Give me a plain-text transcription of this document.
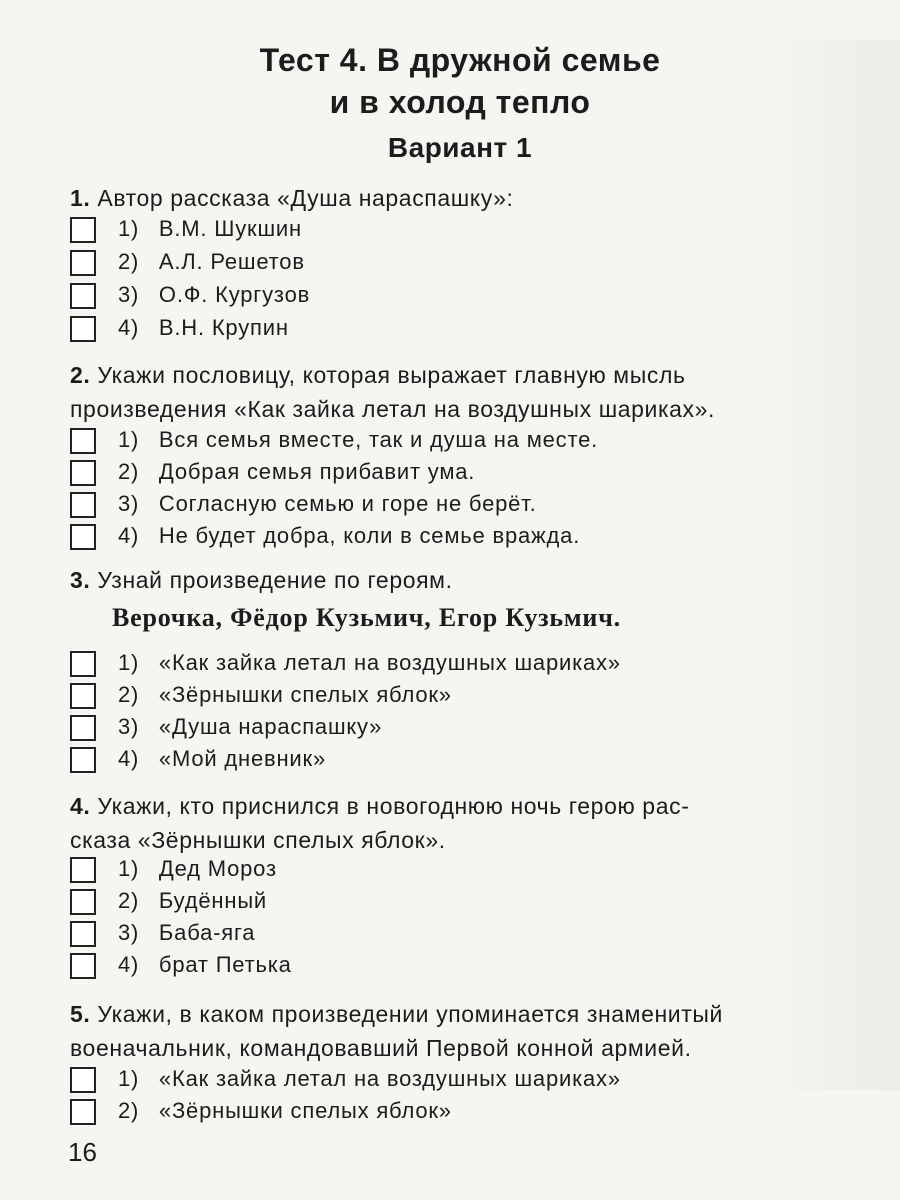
Тест 4. В дружной семье
и в холод тепло
Вариант 1
1. Автор рассказа «Душа нараспашку»:
1) В.М. Шукшин
2) А.Л. Решетов
3) О.Ф. Кургузов
4) В.Н. Крупин
2. Укажи пословицу, которая выражает главную мысль
произведения «Как зайка летал на воздушных шариках».
1) Вся семья вместе, так и душа на месте.
2) Добрая семья прибавит ума.
3) Согласную семью и горе не берёт.
4) Не будет добра, коли в семье вражда.
3. Узнай произведение по героям.
Верочка, Фёдор Кузьмич, Егор Кузьмич.
1) «Как зайка летал на воздушных шариках»
2) «Зёрнышки спелых яблок»
3) «Душа нараспашку»
4) «Мой дневник»
4. Укажи, кто приснился в новогоднюю ночь герою рас-
сказа «Зёрнышки спелых яблок».
1) Дед Мороз
2) Будённый
3) Баба-яга
4) брат Петька
5. Укажи, в каком произведении упоминается знаменитый
военачальник, командовавший Первой конной армией.
1) «Как зайка летал на воздушных шариках»
2) «Зёрнышки спелых яблок»
16
